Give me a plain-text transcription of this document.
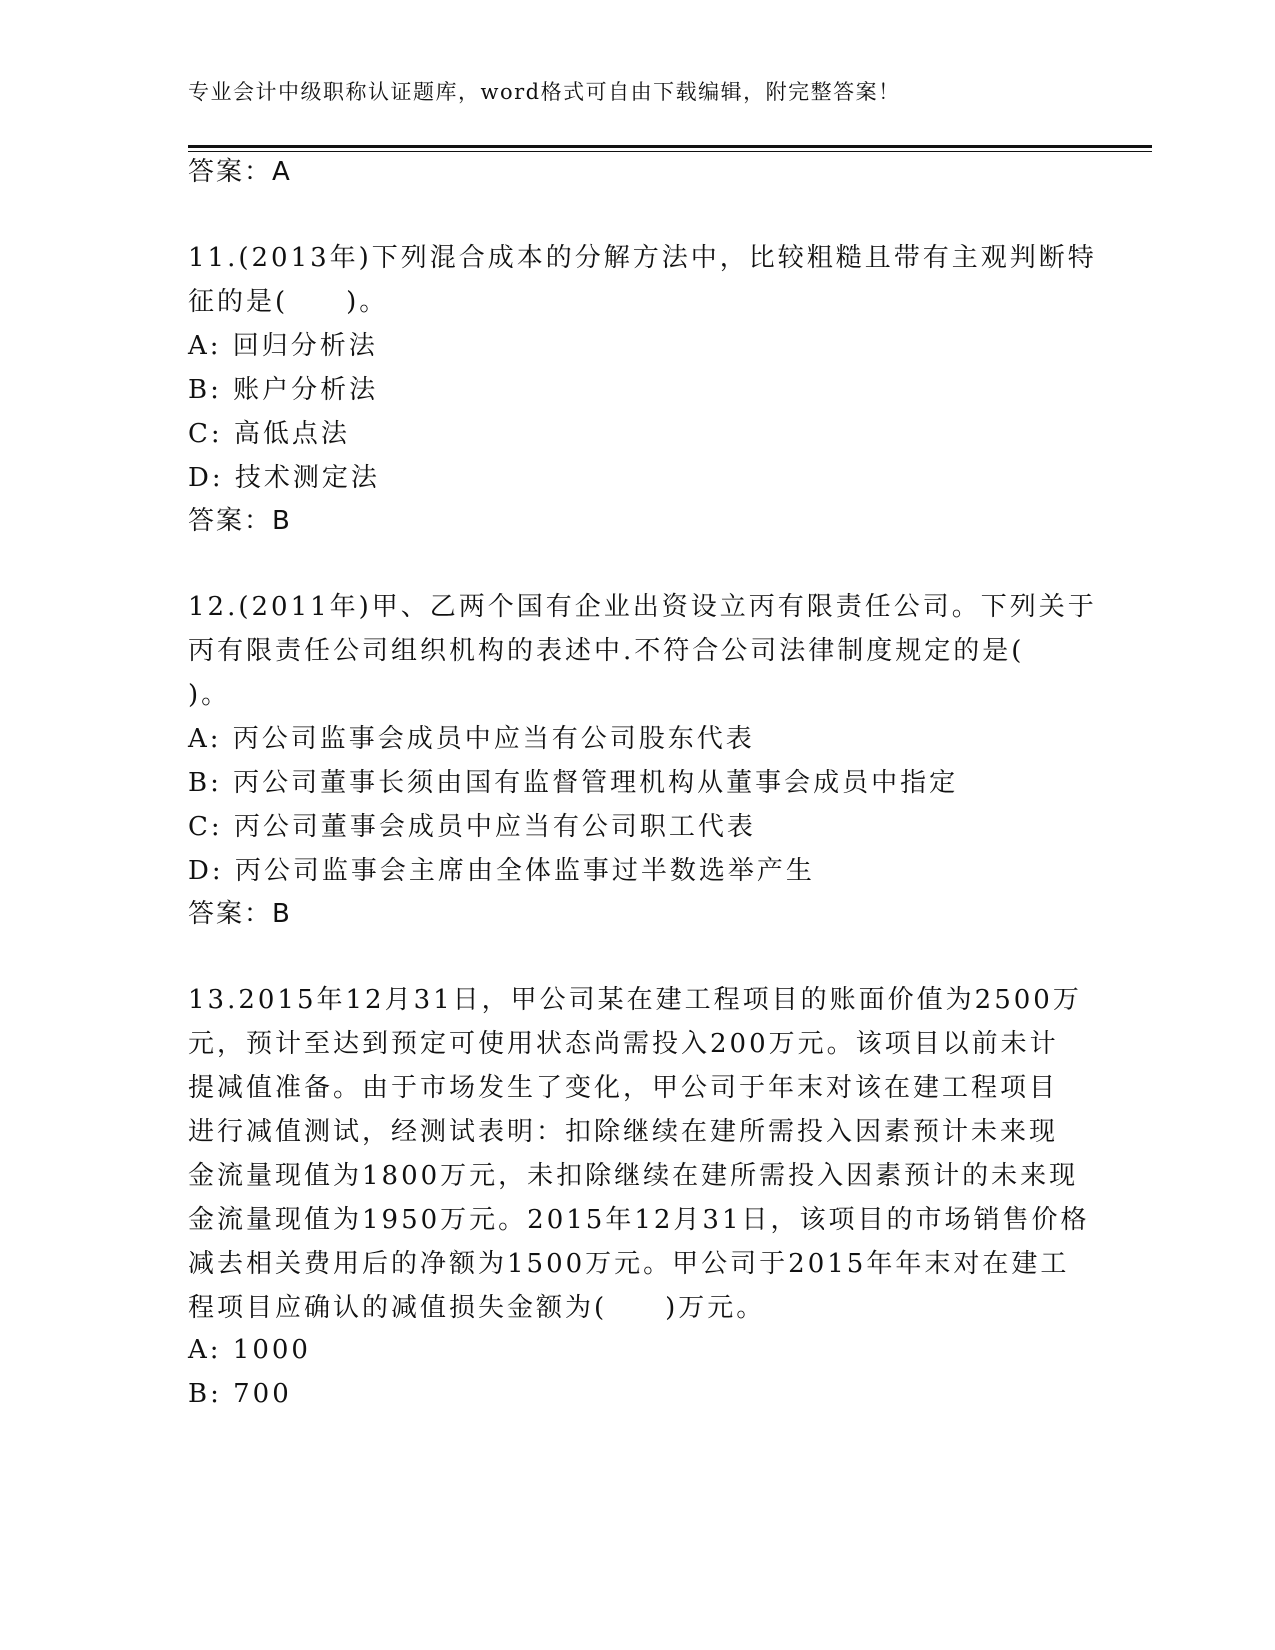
专业会计中级职称认证题库，word格式可自由下载编辑，附完整答案！
答案：A
11.(2013年)下列混合成本的分解方法中，比较粗糙且带有主观判断特
征的是(　　)。
A: 回归分析法
B: 账户分析法
C: 高低点法
D: 技术测定法
答案：B
12.(2011年)甲、乙两个国有企业出资设立丙有限责任公司。下列关于
丙有限责任公司组织机构的表述中.不符合公司法律制度规定的是(
)。
A: 丙公司监事会成员中应当有公司股东代表
B: 丙公司董事长须由国有监督管理机构从董事会成员中指定
C: 丙公司董事会成员中应当有公司职工代表
D: 丙公司监事会主席由全体监事过半数选举产生
答案：B
13.2015年12月31日，甲公司某在建工程项目的账面价值为2500万
元，预计至达到预定可使用状态尚需投入200万元。该项目以前未计
提减值准备。由于市场发生了变化，甲公司于年末对该在建工程项目
进行减值测试，经测试表明：扣除继续在建所需投入因素预计未来现
金流量现值为1800万元，未扣除继续在建所需投入因素预计的未来现
金流量现值为1950万元。2015年12月31日，该项目的市场销售价格
减去相关费用后的净额为1500万元。甲公司于2015年年末对在建工
程项目应确认的减值损失金额为(　　)万元。
A: 1000
B: 700
